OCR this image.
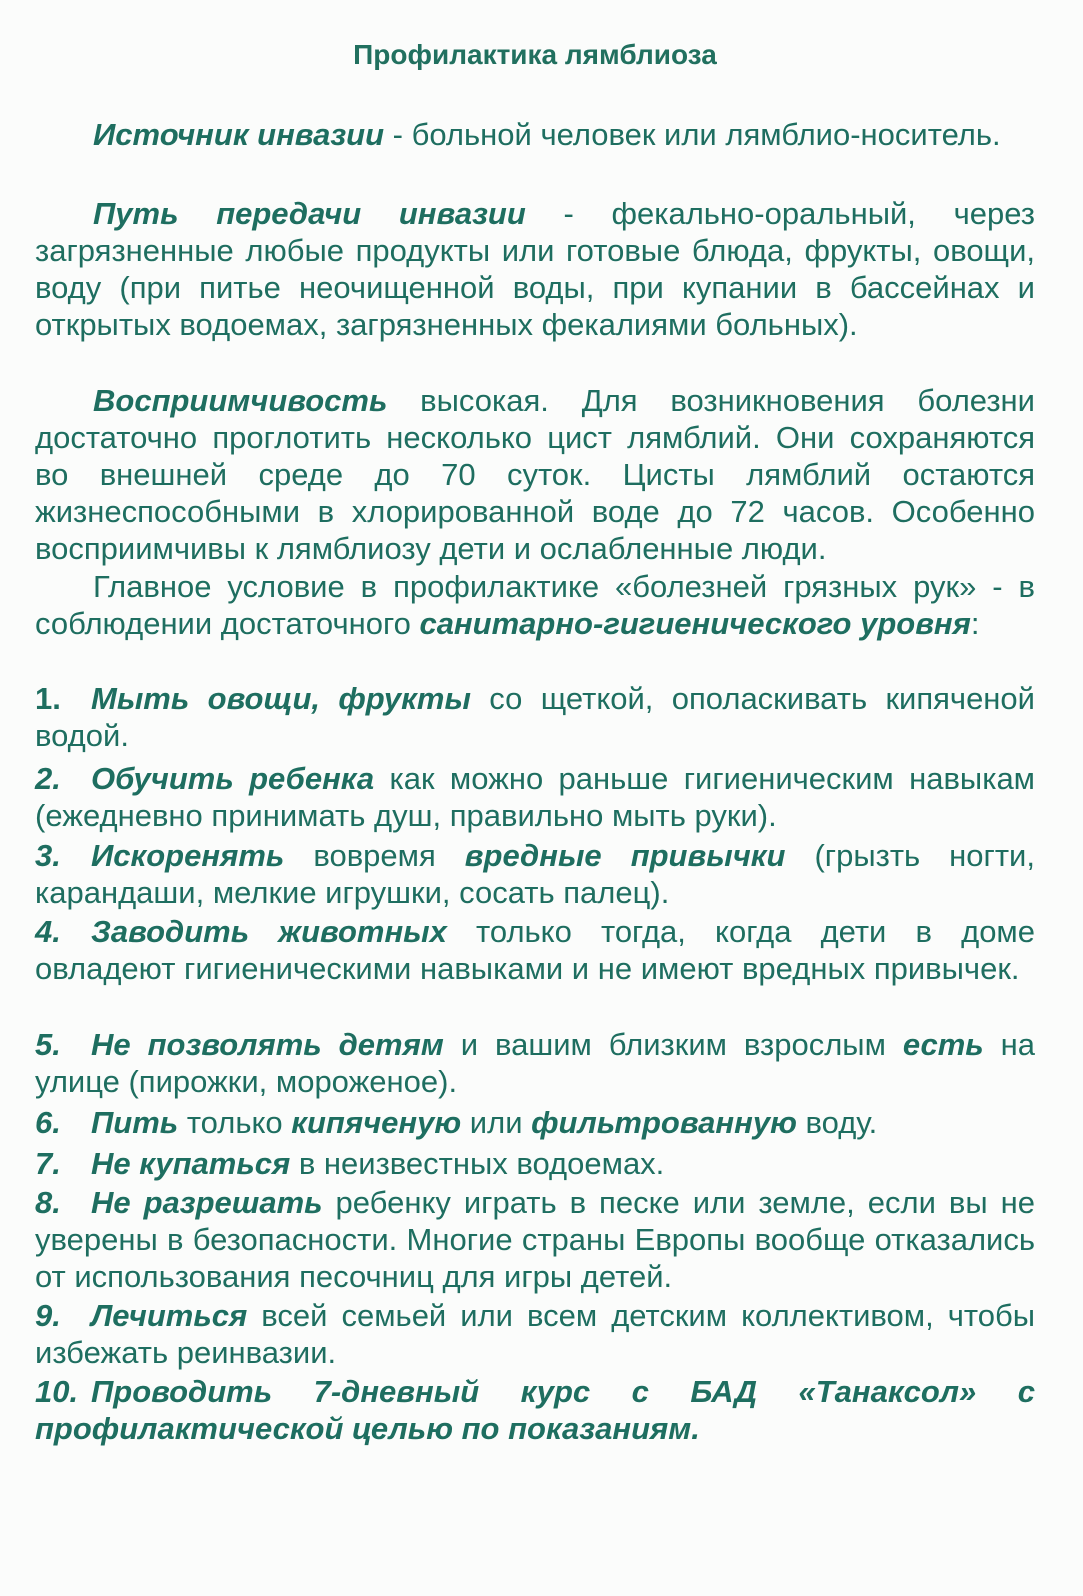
Профилактика лямблиоза
Источник инвазии - больной человек или лямблио-носитель.
Путь передачи инвазии - фекально-оральный, через загрязненные любые продукты или готовые блюда, фрукты, овощи, воду (при питье неочищенной воды, при купании в бассейнах и открытых водоемах, загрязненных фекалиями больных).
Восприимчивость высокая. Для возникновения болезни достаточно проглотить несколько цист лямблий. Они сохраняются во внешней среде до 70 суток. Цисты лямблий остаются жизнеспособными в хлорированной воде до 72 часов. Особенно восприимчивы к лямблиозу дети и ослабленные люди.
Главное условие в профилактике «болезней грязных рук» - в соблюдении достаточного санитарно-гигиенического уровня:
1. Мыть овощи, фрукты со щеткой, ополаскивать кипяченой водой.
2. Обучить ребенка как можно раньше гигиеническим навыкам (ежедневно принимать душ, правильно мыть руки).
3. Искоренять вовремя вредные привычки (грызть ногти, карандаши, мелкие игрушки, сосать палец).
4. Заводить животных только тогда, когда дети в доме овладеют гигиеническими навыками и не имеют вредных привычек.
5. Не позволять детям и вашим близким взрослым есть на улице (пирожки, мороженое).
6. Пить только кипяченую или фильтрованную воду.
7. Не купаться в неизвестных водоемах.
8. Не разрешать ребенку играть в песке или земле, если вы не уверены в безопасности. Многие страны Европы вообще отказались от использования песочниц для игры детей.
9. Лечиться всей семьей или всем детским коллективом, чтобы избежать реинвазии.
10. Проводить 7-дневный курс с БАД «Танаксол» с профилактической целью по показаниям.
